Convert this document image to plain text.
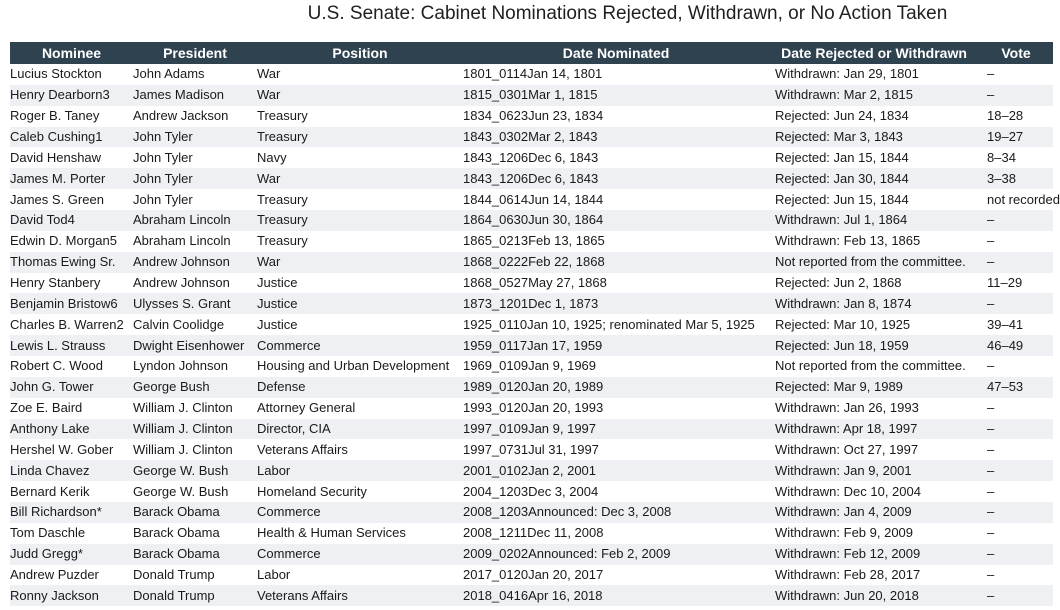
U.S. Senate: Cabinet Nominations Rejected, Withdrawn, or No Action Taken
Nominee	President	Position	Date Nominated	Date Rejected or Withdrawn	Vote
Lucius Stockton	John Adams	War	1801_0114Jan 14, 1801	Withdrawn: Jan 29, 1801	–
Henry Dearborn3	James Madison	War	1815_0301Mar 1, 1815	Withdrawn: Mar 2, 1815	–
Roger B. Taney	Andrew Jackson	Treasury	1834_0623Jun 23, 1834	Rejected: Jun 24, 1834	18–28
Caleb Cushing1	John Tyler	Treasury	1843_0302Mar 2, 1843	Rejected: Mar 3, 1843	19–27
David Henshaw	John Tyler	Navy	1843_1206Dec 6, 1843	Rejected: Jan 15, 1844	8–34
James M. Porter	John Tyler	War	1843_1206Dec 6, 1843	Rejected: Jan 30, 1844	3–38
James S. Green	John Tyler	Treasury	1844_0614Jun 14, 1844	Rejected: Jun 15, 1844	not recorded
David Tod4	Abraham Lincoln	Treasury	1864_0630Jun 30, 1864	Withdrawn: Jul 1, 1864	–
Edwin D. Morgan5	Abraham Lincoln	Treasury	1865_0213Feb 13, 1865	Withdrawn: Feb 13, 1865	–
Thomas Ewing Sr.	Andrew Johnson	War	1868_0222Feb 22, 1868	Not reported from the committee.	–
Henry Stanbery	Andrew Johnson	Justice	1868_0527May 27, 1868	Rejected: Jun 2, 1868	11–29
Benjamin Bristow6	Ulysses S. Grant	Justice	1873_1201Dec 1, 1873	Withdrawn: Jan 8, 1874	–
Charles B. Warren2	Calvin Coolidge	Justice	1925_0110Jan 10, 1925; renominated Mar 5, 1925	Rejected: Mar 10, 1925	39–41
Lewis L. Strauss	Dwight Eisenhower	Commerce	1959_0117Jan 17, 1959	Rejected: Jun 18, 1959	46–49
Robert C. Wood	Lyndon Johnson	Housing and Urban Development	1969_0109Jan 9, 1969	Not reported from the committee.	–
John G. Tower	George Bush	Defense	1989_0120Jan 20, 1989	Rejected: Mar 9, 1989	47–53
Zoe E. Baird	William J. Clinton	Attorney General	1993_0120Jan 20, 1993	Withdrawn: Jan 26, 1993	–
Anthony Lake	William J. Clinton	Director, CIA	1997_0109Jan 9, 1997	Withdrawn: Apr 18, 1997	–
Hershel W. Gober	William J. Clinton	Veterans Affairs	1997_0731Jul 31, 1997	Withdrawn: Oct 27, 1997	–
Linda Chavez	George W. Bush	Labor	2001_0102Jan 2, 2001	Withdrawn: Jan 9, 2001	–
Bernard Kerik	George W. Bush	Homeland Security	2004_1203Dec 3, 2004	Withdrawn: Dec 10, 2004	–
Bill Richardson*	Barack Obama	Commerce	2008_1203Announced: Dec 3, 2008	Withdrawn: Jan 4, 2009	–
Tom Daschle	Barack Obama	Health & Human Services	2008_1211Dec 11, 2008	Withdrawn: Feb 9, 2009	–
Judd Gregg*	Barack Obama	Commerce	2009_0202Announced: Feb 2, 2009	Withdrawn: Feb 12, 2009	–
Andrew Puzder	Donald Trump	Labor	2017_0120Jan 20, 2017	Withdrawn: Feb 28, 2017	–
Ronny Jackson	Donald Trump	Veterans Affairs	2018_0416Apr 16, 2018	Withdrawn: Jun 20, 2018	–
